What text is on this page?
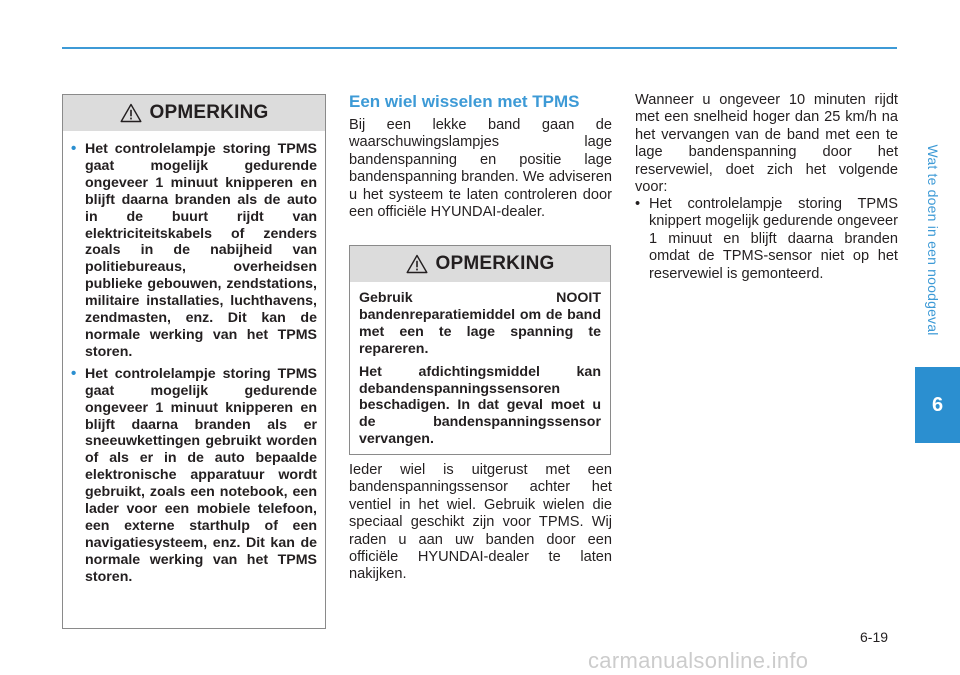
OPMERKING
• Het controlelampje storing TPMS gaat mogelijk gedurende ongeveer 1 minuut knipperen en blijft daarna branden als de auto in de buurt rijdt van elektriciteitskabels of zenders zoals in de nabijheid van politiebureaus, overheidsen publieke gebouwen, zendstations, militaire installaties, luchthavens, zendmasten, enz. Dit kan de normale werking van het TPMS storen.
• Het controlelampje storing TPMS gaat mogelijk gedurende ongeveer 1 minuut knipperen en blijft daarna branden als er sneeuwkettingen gebruikt worden of als er in de auto bepaalde elektronische apparatuur wordt gebruikt, zoals een notebook, een lader voor een mobiele telefoon, een externe starthulp of een navigatiesysteem, enz. Dit kan de normale werking van het TPMS storen.
Een wiel wisselen met TPMS

Bij een lekke band gaan de waarschuwingslampjes lage bandenspanning en positie lage bandenspanning branden. We adviseren u het systeem te laten controleren door een officiële HYUNDAI-dealer.

OPMERKING

Gebruik NOOIT bandenreparatiemiddel om de band met een te lage spanning te repareren.

Het afdichtingsmiddel kan debandenspanningssensoren beschadigen. In dat geval moet u de bandenspanningssensor vervangen.

Ieder wiel is uitgerust met een bandenspanningssensor achter het ventiel in het wiel. Gebruik wielen die speciaal geschikt zijn voor TPMS. Wij raden u aan uw banden door een officiële HYUNDAI-dealer te laten nakijken.

Wanneer u ongeveer 10 minuten rijdt met een snelheid hoger dan 25 km/h na het vervangen van de band met een te lage bandenspanning door het reservewiel, doet zich het volgende voor:

• Het controlelampje storing TPMS knippert mogelijk gedurende ongeveer 1 minuut en blijft daarna branden omdat de TPMS-sensor niet op het reservewiel is gemonteerd.	Wat te doen in een noodgeval
6
6-19
carmanualsonline.info
